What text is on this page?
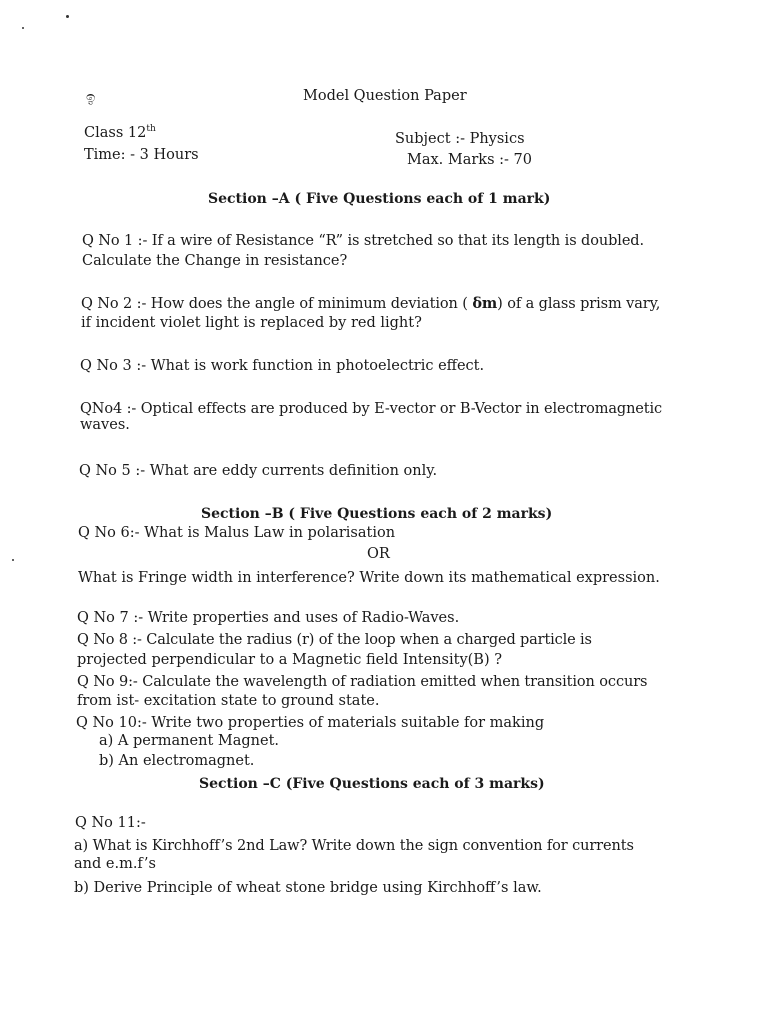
ඉ	Model Question Paper
Class 12th
Time: - 3 Hours
Subject :- Physics
Max. Marks :- 70
Section –A ( Five Questions each of 1 mark)
Q No 1 :- If a wire of Resistance “R” is stretched so that its length is doubled.
Calculate the Change in resistance?
Q No 2 :- How does the angle of minimum deviation ( δm) of a glass prism vary,
if incident violet light is replaced by red light?
Q No 3 :- What is work function in photoelectric effect.
QNo4 :- Optical effects are produced by E-vector or B-Vector in electromagnetic
waves.
Q No 5 :- What are eddy currents definition only.
Section –B ( Five Questions each of 2 marks)
Q No 6:- What is Malus Law in polarisation
OR
What is Fringe width in interference? Write down its mathematical expression.
Q No 7 :- Write properties and uses of Radio-Waves.
Q No 8 :- Calculate the radius (r) of the loop when a charged particle is
projected perpendicular to a Magnetic field Intensity(B) ?
Q No 9:- Calculate the wavelength of radiation emitted when transition occurs
from ist- excitation state to ground state.
Q No 10:- Write two properties of materials suitable for making
a) A permanent Magnet.
b) An electromagnet.
Section –C (Five Questions each of 3 marks)
Q No 11:-
a) What is Kirchhoff’s 2nd Law? Write down the sign convention for currents
and e.m.f’s
b) Derive Principle of wheat stone bridge using Kirchhoff’s law.
